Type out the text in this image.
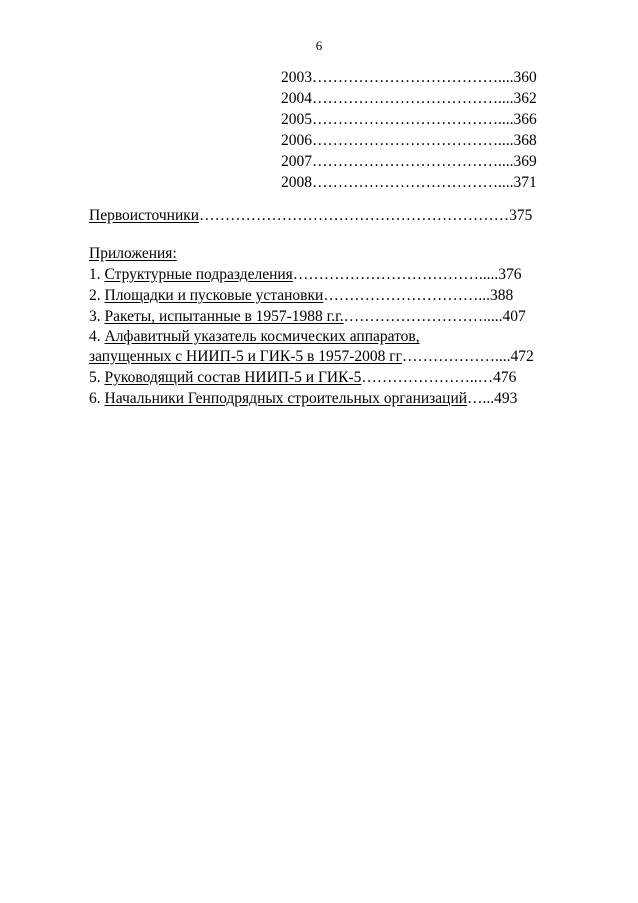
6
2003………………………………....360
2004………………………………....362
2005………………………………....366
2006………………………………....368
2007………………………………....369
2008………………………………....371
Первоисточники……………………………………………………375
Приложения:
1. Структурные подразделения……………………………….....376
2. Площадки и пусковые установки…………………………...388
3. Ракеты, испытанные в 1957-1988 г.г.……………………….....407
4. Алфавитный указатель космических аппаратов,
запущенных с НИИП-5 и ГИК-5 в 1957-2008 гг………………....472
5. Руководящий состав НИИП-5 и ГИК-5…………………..…476
6. Начальники Генподрядных строительных организаций…...493
